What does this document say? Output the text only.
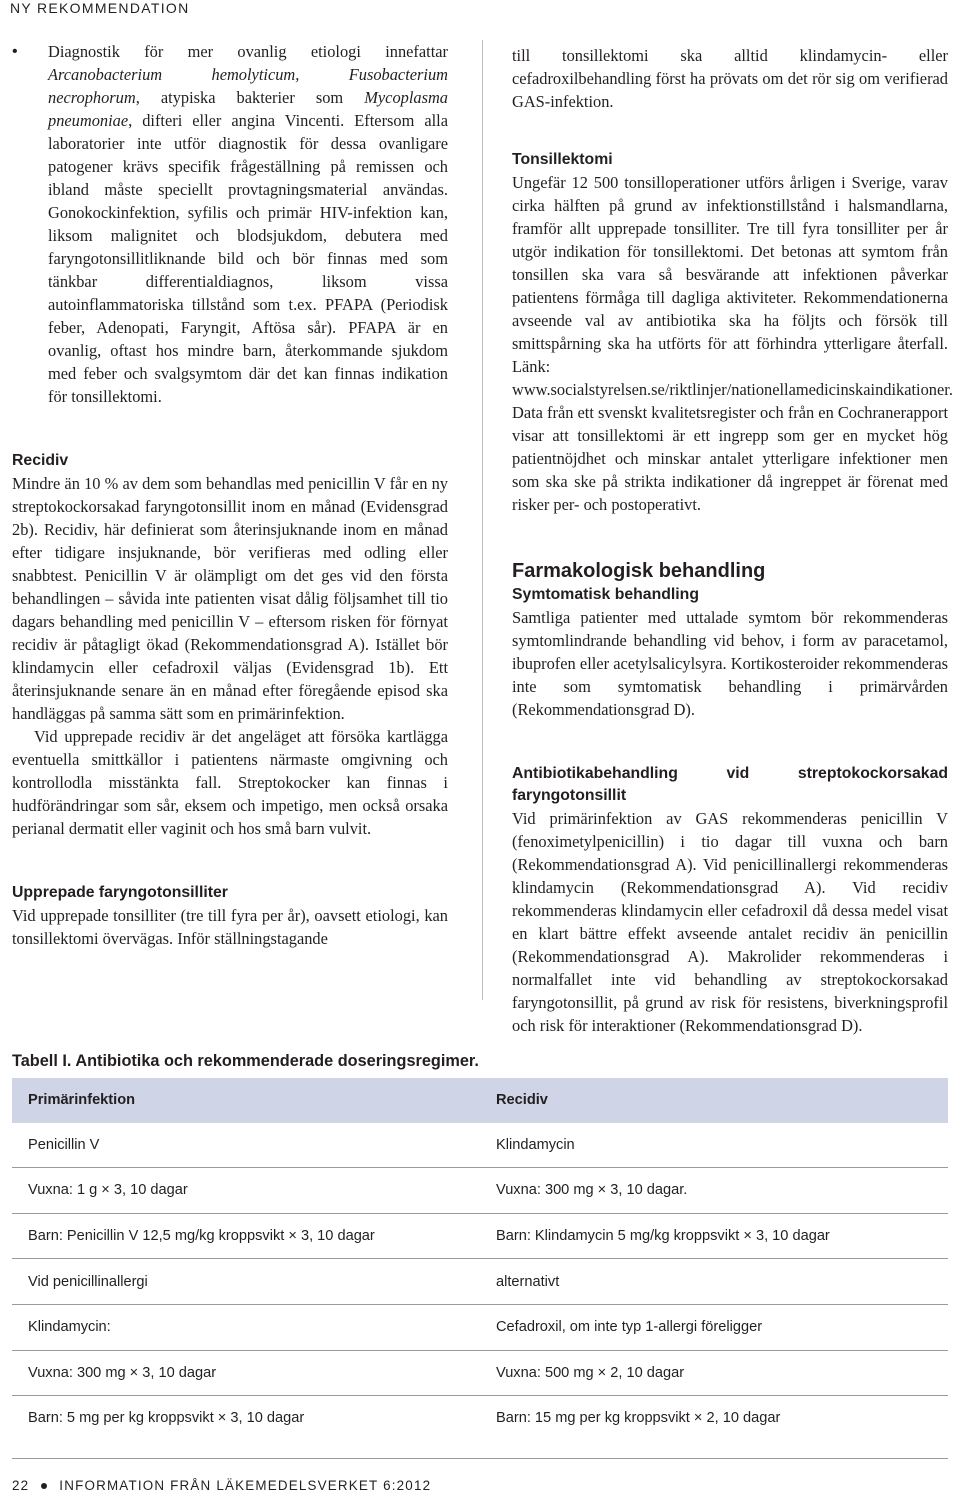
NY REKOMMENDATION
• Diagnostik för mer ovanlig etiologi innefattar Arcanobacterium hemolyticum, Fusobacterium necrophorum, atypiska bakterier som Mycoplasma pneumoniae, difteri eller angina Vincenti. Eftersom alla laboratorier inte utför diagnostik för dessa ovanligare patogener krävs specifik frågeställning på remissen och ibland måste speciellt provtagningsmaterial användas. Gonokockinfektion, syfilis och primär HIV-infektion kan, liksom malignitet och blodsjukdom, debutera med faryngotonsillitliknande bild och bör finnas med som tänkbar differentialdiagnos, liksom vissa autoinflammatoriska tillstånd som t.ex. PFAPA (Periodisk feber, Adenopati, Faryngit, Aftösa sår). PFAPA är en ovanlig, oftast hos mindre barn, återkommande sjukdom med feber och svalgsymtom där det kan finnas indikation för tonsillektomi.

Recidiv

Mindre än 10 % av dem som behandlas med penicillin V får en ny streptokockorsakad faryngotonsillit inom en månad (Evidensgrad 2b). Recidiv, här definierat som återinsjuknande inom en månad efter tidigare insjuknande, bör verifieras med odling eller snabbtest. Penicillin V är olämpligt om det ges vid den första behandlingen – såvida inte patienten visat dålig följsamhet till tio dagars behandling med penicillin V – eftersom risken för förnyat recidiv är påtagligt ökad (Rekommendationsgrad A). Istället bör klindamycin eller cefadroxil väljas (Evidensgrad 1b). Ett återinsjuknande senare än en månad efter föregående episod ska handläggas på samma sätt som en primärinfektion.

Vid upprepade recidiv är det angeläget att försöka kartlägga eventuella smittkällor i patientens närmaste omgivning och kontrollodla misstänkta fall. Streptokocker kan finnas i hudförändringar som sår, eksem och impetigo, men också orsaka perianal dermatit eller vaginit och hos små barn vulvit.

Upprepade faryngotonsilliter

Vid upprepade tonsilliter (tre till fyra per år), oavsett etiologi, kan tonsillektomi övervägas. Inför ställningstagande

till tonsillektomi ska alltid klindamycin- eller cefadroxilbehandling först ha prövats om det rör sig om verifierad GAS-infektion.

Tonsillektomi

Ungefär 12 500 tonsilloperationer utförs årligen i Sverige, varav cirka hälften på grund av infektionstillstånd i halsmandlarna, framför allt upprepade tonsilliter. Tre till fyra tonsilliter per år utgör indikation för tonsillektomi. Det betonas att symtom från tonsillen ska vara så besvärande att infektionen påverkar patientens förmåga till dagliga aktiviteter. Rekommendationerna avseende val av antibiotika ska ha följts och försök till smittspårning ska ha utförts för att förhindra ytterligare återfall. Länk: www.socialstyrelsen.se/riktlinjer/nationellamedicinskaindikationer. Data från ett svenskt kvalitetsregister och från en Cochranerapport visar att tonsillektomi är ett ingrepp som ger en mycket hög patientnöjdhet och minskar antalet ytterligare infektioner men som ska ske på strikta indikationer då ingreppet är förenat med risker per- och postoperativt.

Farmakologisk behandling
Symtomatisk behandling

Samtliga patienter med uttalade symtom bör rekommenderas symtomlindrande behandling vid behov, i form av paracetamol, ibuprofen eller acetylsalicylsyra. Kortikosteroider rekommenderas inte som symtomatisk behandling i primärvården (Rekommendationsgrad D).

Antibiotikabehandling vid streptokockorsakad faryngotonsillit

Vid primärinfektion av GAS rekommenderas penicillin V (fenoximetylpenicillin) i tio dagar till vuxna och barn (Rekommendationsgrad A). Vid penicillinallergi rekommenderas klindamycin (Rekommendationsgrad A). Vid recidiv rekommenderas klindamycin eller cefadroxil då dessa medel visat en klart bättre effekt avseende antalet recidiv än penicillin (Rekommendationsgrad A). Makrolider rekommenderas i normalfallet inte vid behandling av streptokockorsakad faryngotonsillit, på grund av risk för resistens, biverkningsprofil och risk för interaktioner (Rekommendationsgrad D).

Tabell I. Antibiotika och rekommenderade doseringsregimer.
Primärinfektion	Recidiv
Penicillin V	Klindamycin
Vuxna: 1 g × 3, 10 dagar	Vuxna: 300 mg × 3, 10 dagar.
Barn: Penicillin V 12,5 mg/kg kroppsvikt × 3, 10 dagar	Barn: Klindamycin 5 mg/kg kroppsvikt × 3, 10 dagar
Vid penicillinallergi	alternativt
Klindamycin:	Cefadroxil, om inte typ 1-allergi föreligger
Vuxna: 300 mg × 3, 10 dagar	Vuxna: 500 mg × 2, 10 dagar
Barn: 5 mg per kg kroppsvikt × 3, 10 dagar	Barn: 15 mg per kg kroppsvikt × 2, 10 dagar
22 INFORMATION FRÅN LÄKEMEDELSVERKET 6:2012
